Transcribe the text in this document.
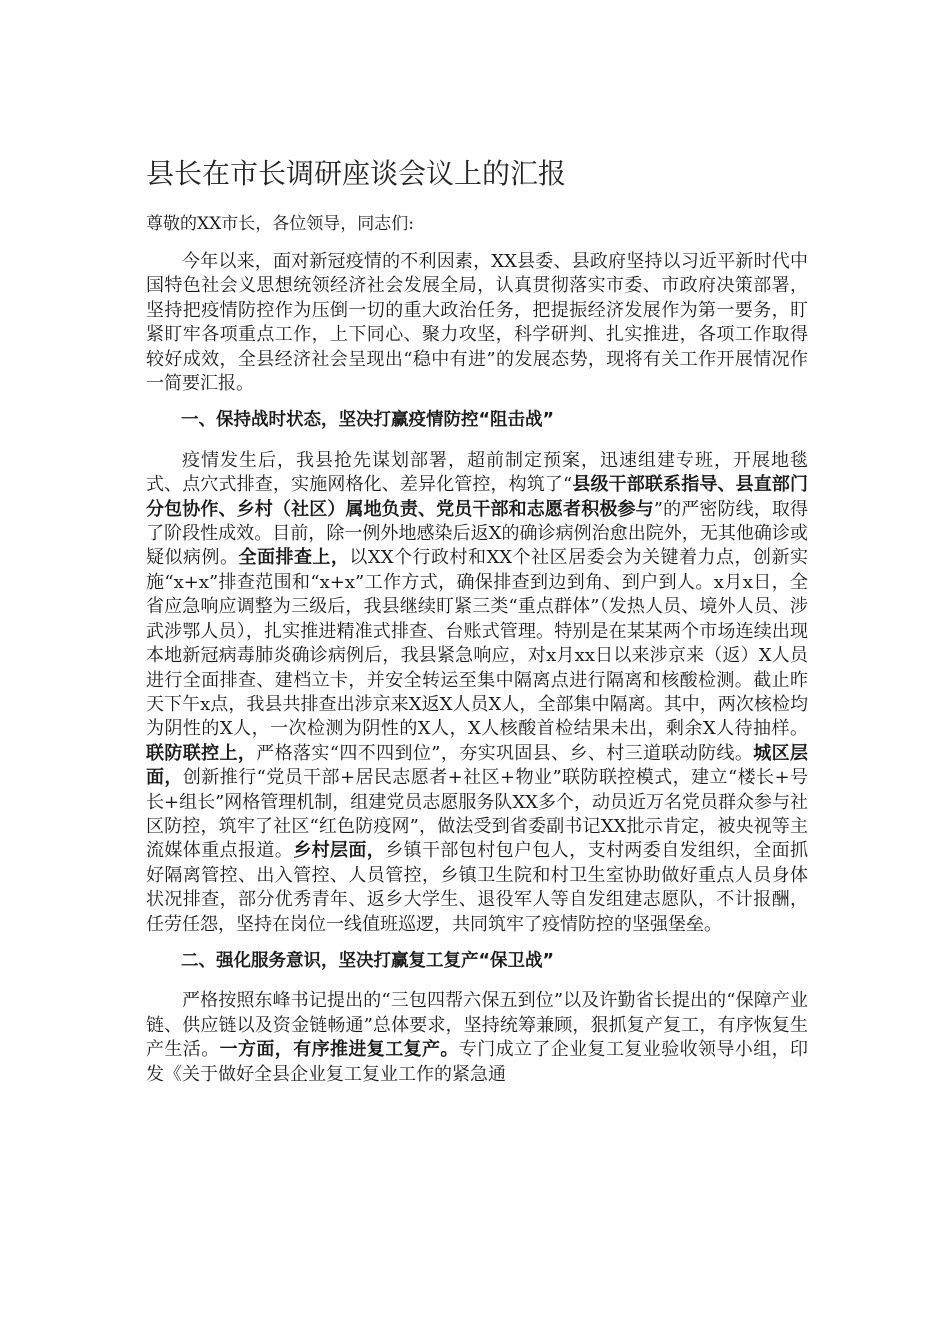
县长在市长调研座谈会议上的汇报
尊敬的XX市长，各位领导，同志们:

今年以来，面对新冠疫情的不利因素，XX县委、县政府坚持以习近平新时代中国特色社会义思想统领经济社会发展全局，认真贯彻落实市委、市政府决策部署，坚持把疫情防控作为压倒一切的重大政治任务，把提振经济发展作为第一要务，盯紧盯牢各项重点工作，上下同心、聚力攻坚，科学研判、扎实推进，各项工作取得较好成效，全县经济社会呈现出“稳中有进”的发展态势，现将有关工作开展情况作一简要汇报。

一、保持战时状态，坚决打赢疫情防控“阻击战”

疫情发生后，我县抢先谋划部署，超前制定预案，迅速组建专班，开展地毯式、点穴式排查，实施网格化、差异化管控，构筑了“县级干部联系指导、县直部门分包协作、乡村（社区）属地负责、党员干部和志愿者积极参与”的严密防线，取得了阶段性成效。目前，除一例外地感染后返X的确诊病例治愈出院外，无其他确诊或疑似病例。全面排查上，以XX个行政村和XX个社区居委会为关键着力点，创新实施“x+x”排查范围和“x+x”工作方式，确保排查到边到角、到户到人。x月x日，全省应急响应调整为三级后，我县继续盯紧三类“重点群体”（发热人员、境外人员、涉武涉鄂人员），扎实推进精准式排查、台账式管理。特别是在某某两个市场连续出现本地新冠病毒肺炎确诊病例后，我县紧急响应，对x月xx日以来涉京来（返）X人员进行全面排查、建档立卡，并安全转运至集中隔离点进行隔离和核酸检测。截止昨天下午x点，我县共排查出涉京来X返X人员X人，全部集中隔离。其中，两次核检均为阴性的X人，一次检测为阴性的X人，X人核酸首检结果未出，剩余X人待抽样。联防联控上，严格落实“四不四到位”，夯实巩固县、乡、村三道联动防线。城区层面，创新推行“党员干部+居民志愿者+社区+物业”联防联控模式，建立“楼长+号长+组长”网格管理机制，组建党员志愿服务队XX多个，动员近万名党员群众参与社区防控，筑牢了社区“红色防疫网”，做法受到省委副书记XX批示肯定，被央视等主流媒体重点报道。乡村层面，乡镇干部包村包户包人，支村两委自发组织，全面抓好隔离管控、出入管控、人员管控，乡镇卫生院和村卫生室协助做好重点人员身体状况排查，部分优秀青年、返乡大学生、退役军人等自发组建志愿队，不计报酬，任劳任怨，坚持在岗位一线值班巡逻，共同筑牢了疫情防控的坚强堡垒。

二、强化服务意识，坚决打赢复工复产“保卫战”

严格按照东峰书记提出的“三包四帮六保五到位”以及许勤省长提出的“保障产业链、供应链以及资金链畅通”总体要求，坚持统筹兼顾，狠抓复产复工，有序恢复生产生活。一方面，有序推进复工复产。专门成立了企业复工复业验收领导小组，印发《关于做好全县企业复工复业工作的紧急通
